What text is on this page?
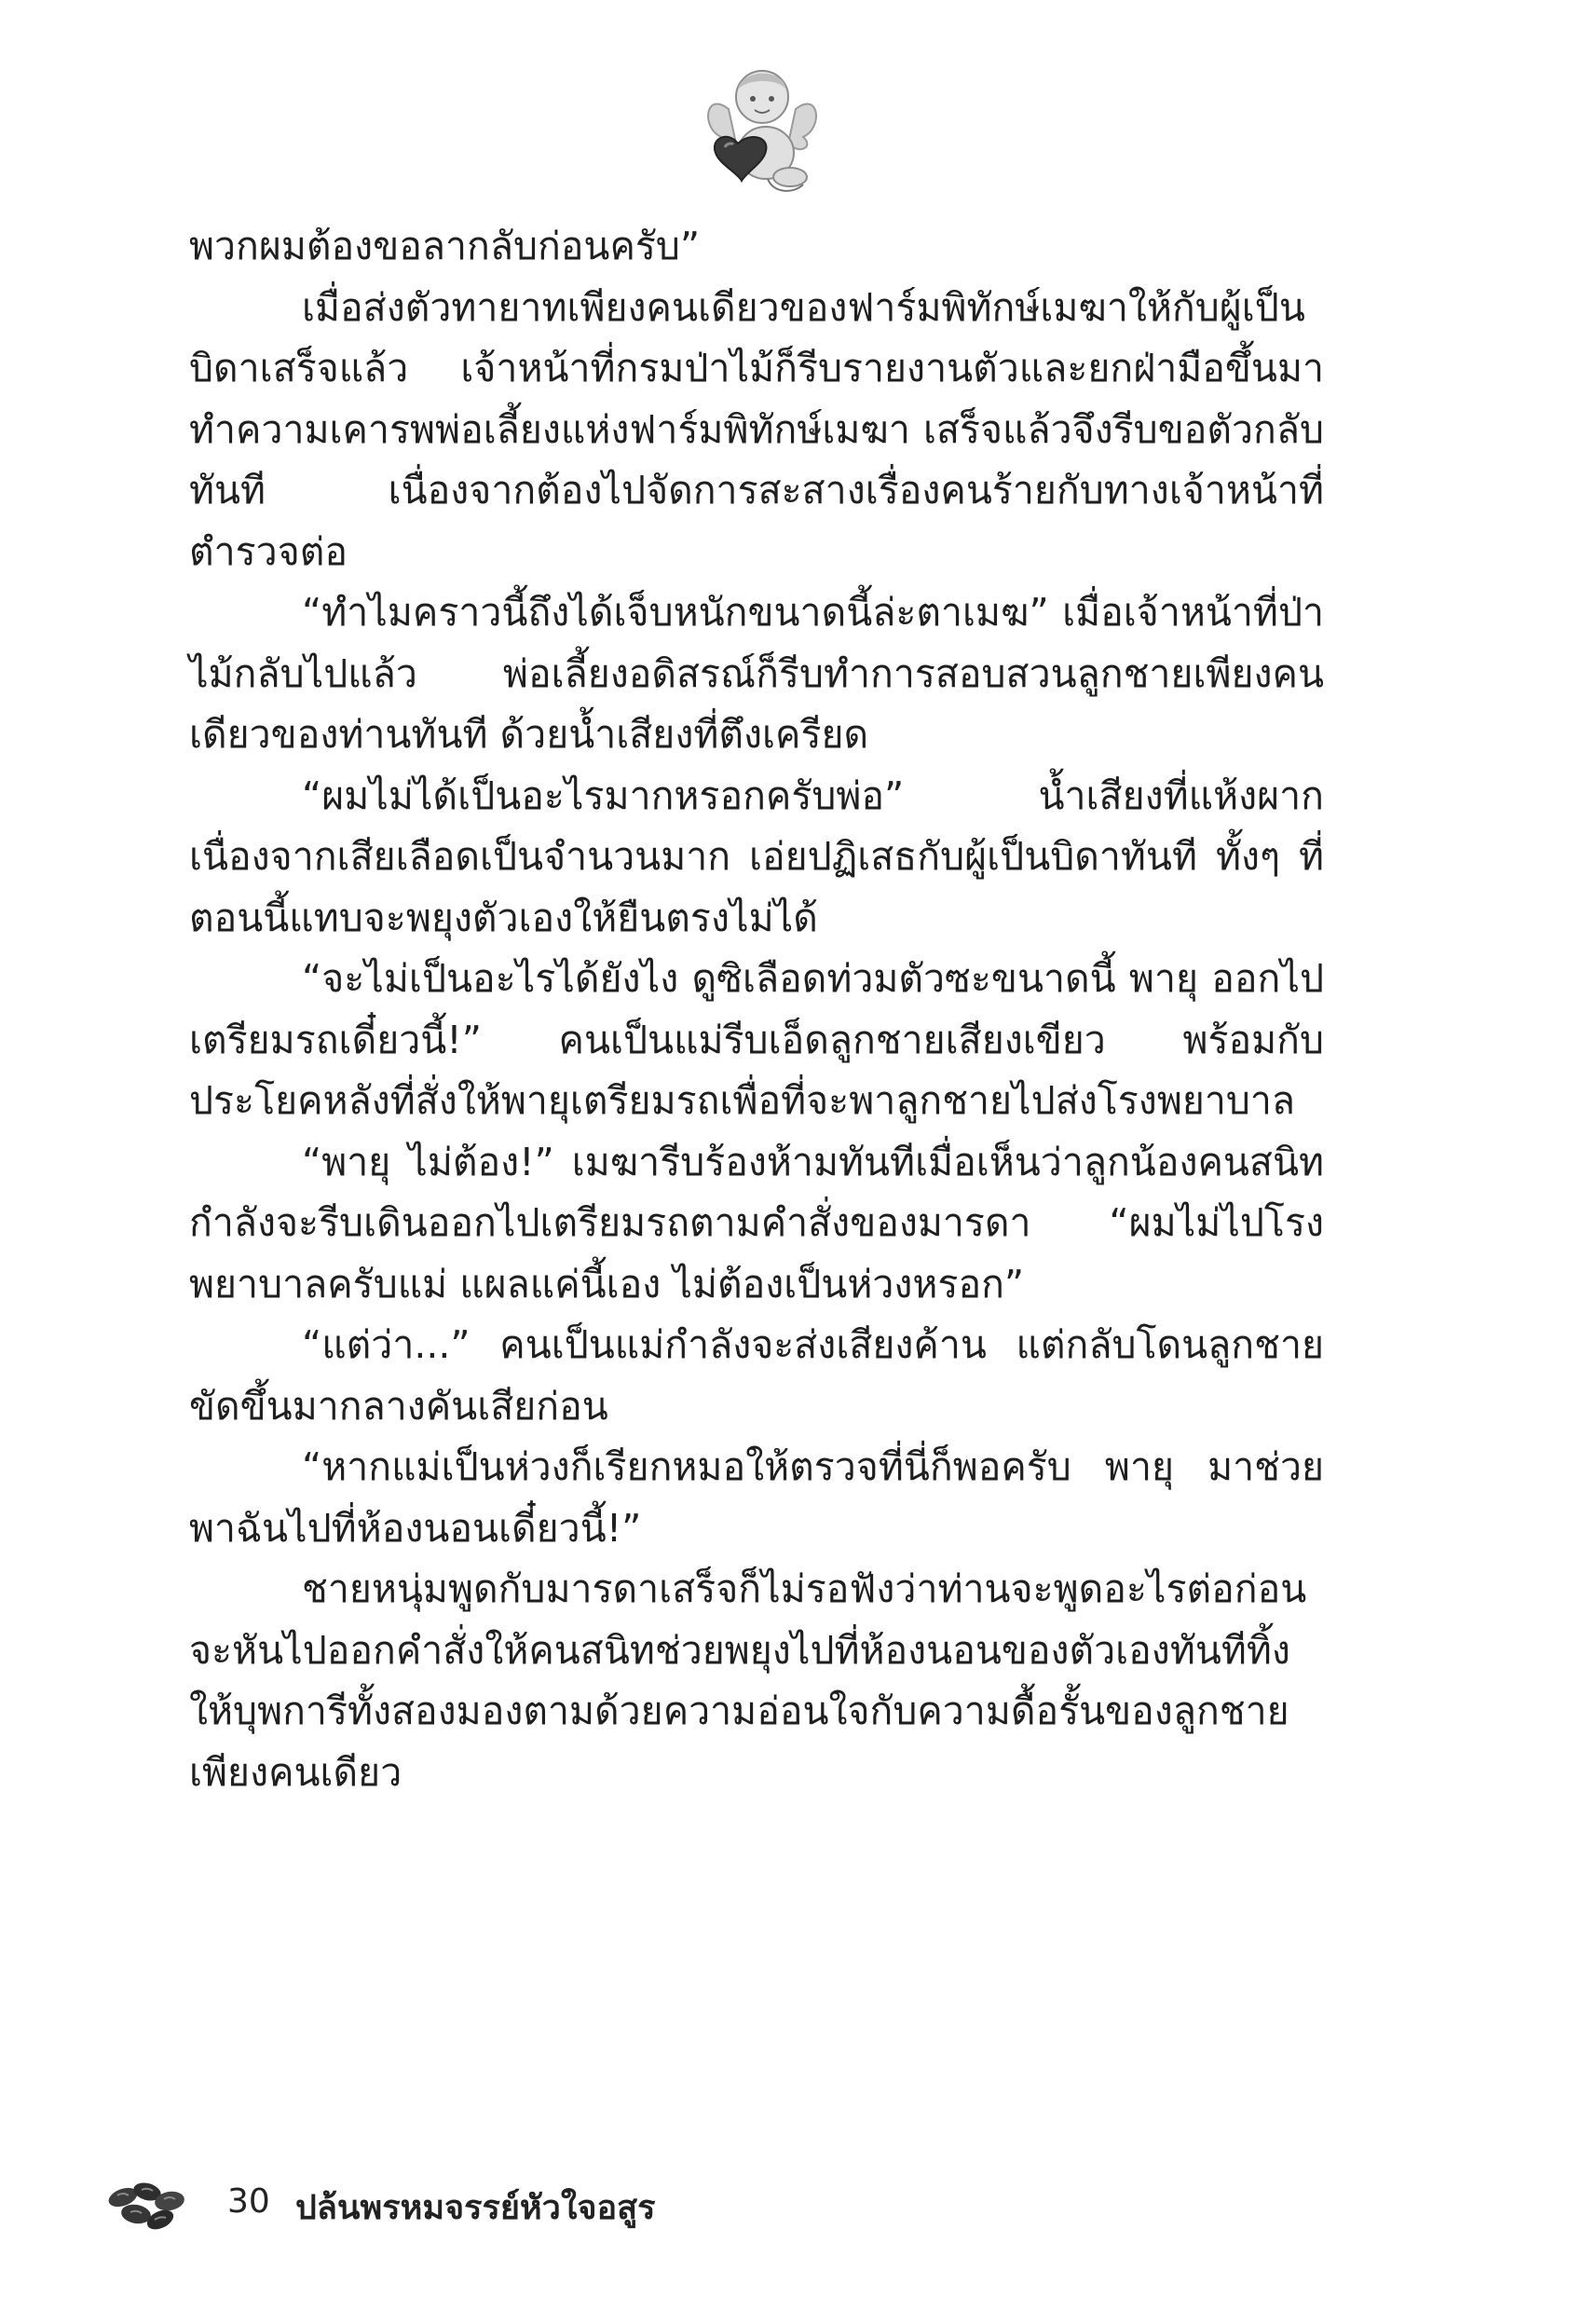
พวกผมต้องขอลากลับก่อนครับ”

เมื่อส่งตัวทายาทเพียงคนเดียวของฟาร์มพิทักษ์เมฆาให้กับผู้เป็นบิดาเสร็จแล้ว เจ้าหน้าที่กรมป่าไม้ก็รีบรายงานตัวและยกฝ่ามือขึ้นมาทำความเคารพพ่อเลี้ยงแห่งฟาร์มพิทักษ์เมฆา เสร็จแล้วจึงรีบขอตัวกลับทันที เนื่องจากต้องไปจัดการสะสางเรื่องคนร้ายกับทางเจ้าหน้าที่ตำรวจต่อ

“ทำไมคราวนี้ถึงได้เจ็บหนักขนาดนี้ล่ะตาเมฆ” เมื่อเจ้าหน้าที่ป่าไม้กลับไปแล้ว พ่อเลี้ยงอดิสรณ์ก็รีบทำการสอบสวนลูกชายเพียงคนเดียวของท่านทันที ด้วยน้ำเสียงที่ตึงเครียด

“ผมไม่ได้เป็นอะไรมากหรอกครับพ่อ” น้ำเสียงที่แห้งผากเนื่องจากเสียเลือดเป็นจำนวนมาก เอ่ยปฏิเสธกับผู้เป็นบิดาทันที ทั้งๆ ที่ตอนนี้แทบจะพยุงตัวเองให้ยืนตรงไม่ได้

“จะไม่เป็นอะไรได้ยังไง ดูซิเลือดท่วมตัวซะขนาดนี้ พายุ ออกไปเตรียมรถเดี๋ยวนี้!” คนเป็นแม่รีบเอ็ดลูกชายเสียงเขียว พร้อมกับประโยคหลังที่สั่งให้พายุเตรียมรถเพื่อที่จะพาลูกชายไปส่งโรงพยาบาล

“พายุ ไม่ต้อง!” เมฆารีบร้องห้ามทันทีเมื่อเห็นว่าลูกน้องคนสนิทกำลังจะรีบเดินออกไปเตรียมรถตามคำสั่งของมารดา “ผมไม่ไปโรงพยาบาลครับแม่ แผลแค่นี้เอง ไม่ต้องเป็นห่วงหรอก”

“แต่ว่า...” คนเป็นแม่กำลังจะส่งเสียงค้าน แต่กลับโดนลูกชายขัดขึ้นมากลางคันเสียก่อน

“หากแม่เป็นห่วงก็เรียกหมอให้ตรวจที่นี่ก็พอครับ พายุ มาช่วยพาฉันไปที่ห้องนอนเดี๋ยวนี้!”

ชายหนุ่มพูดกับมารดาเสร็จก็ไม่รอฟังว่าท่านจะพูดอะไรต่อก่อนจะหันไปออกคำสั่งให้คนสนิทช่วยพยุงไปที่ห้องนอนของตัวเองทันทีทิ้งให้บุพการีทั้งสองมองตามด้วยความอ่อนใจกับความดื้อรั้นของลูกชายเพียงคนเดียว

30 ปล้นพรหมจรรย์หัวใจอสูร
